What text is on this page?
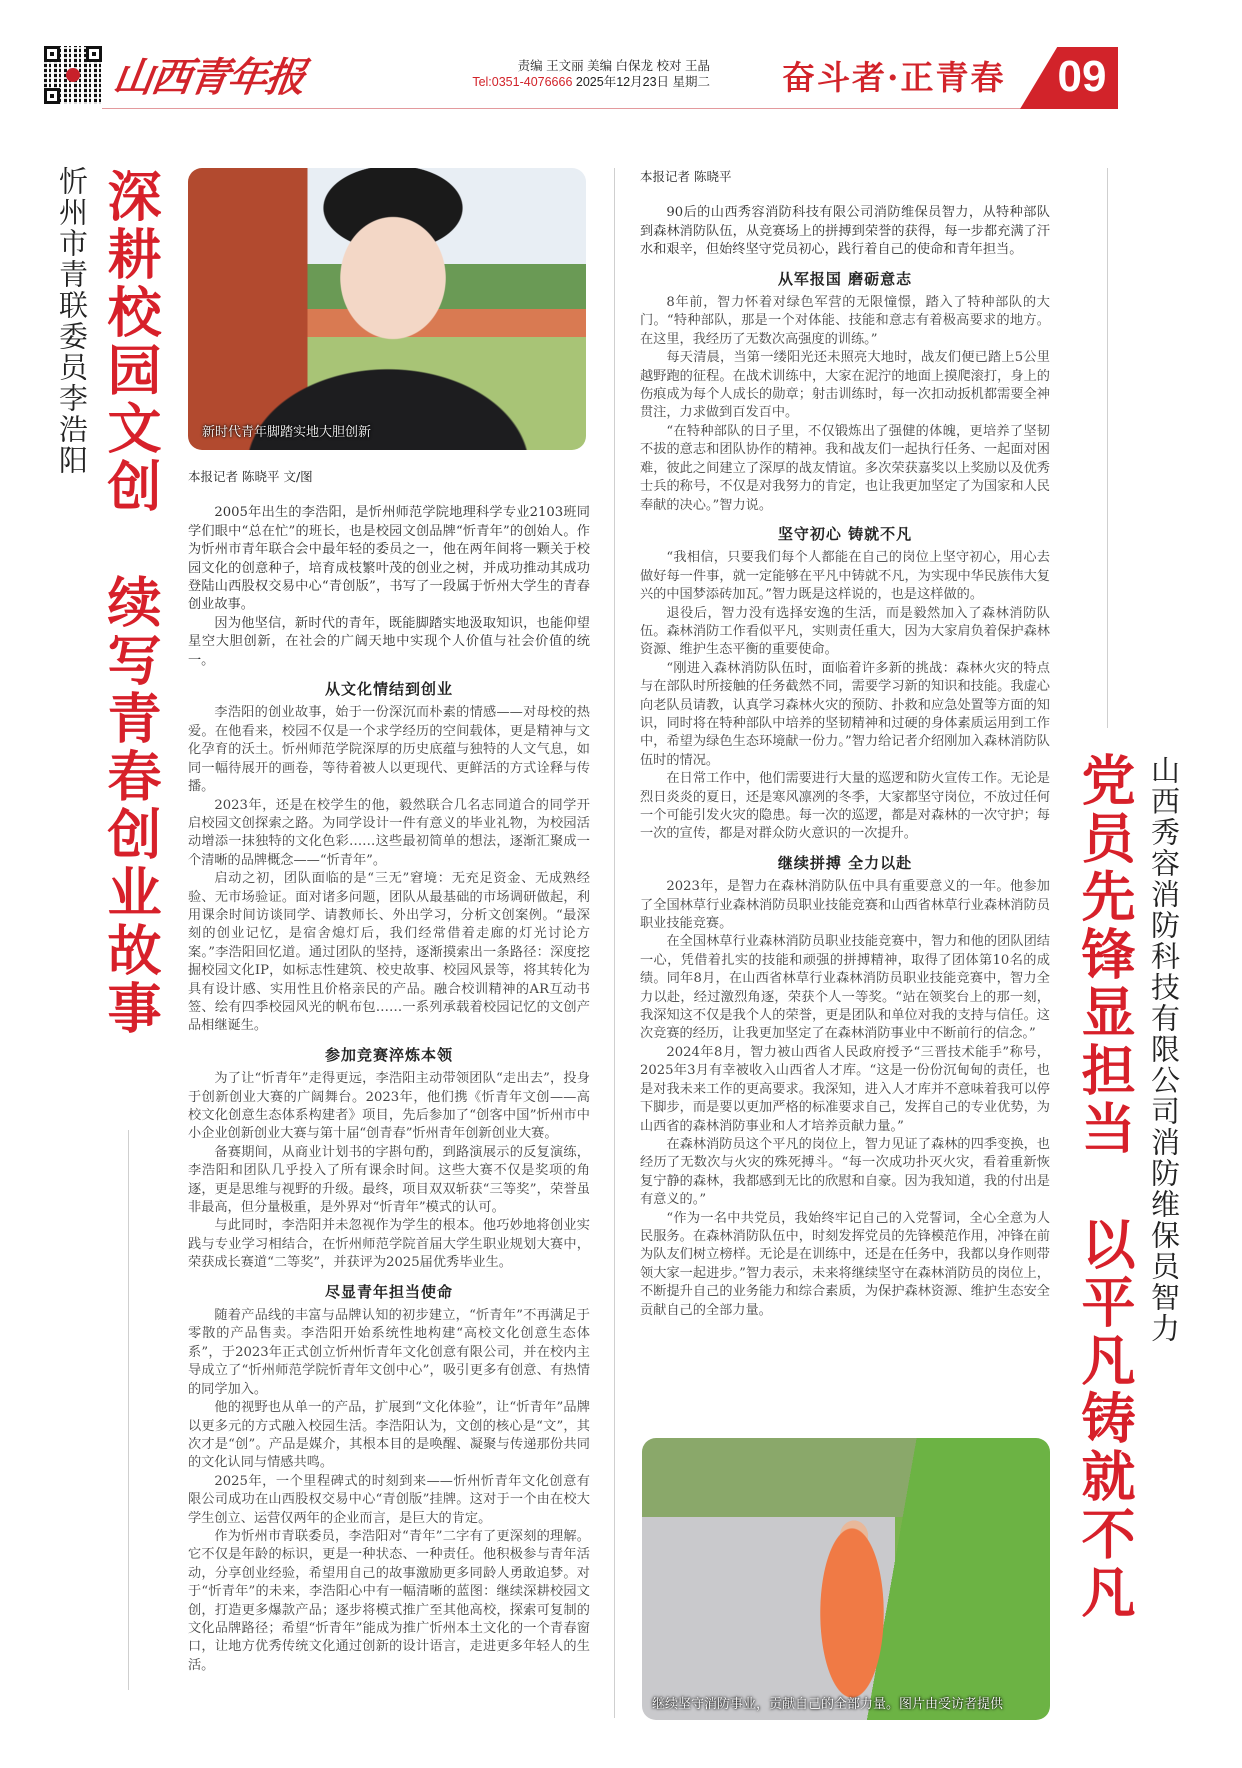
山西青年报	责编 王文丽 美编 白保龙 校对 王晶
Tel:0351-4076666 2025年12月23日 星期二 奋斗者·正青春 09
忻州市青联委员李浩阳 深耕校园文创　续写青春创业故事	新时代青年脚踏实地大胆创新
本报记者 陈晓平 文/图

2005年出生的李浩阳，是忻州师范学院地理科学专业2103班同学们眼中“总在忙”的班长，也是校园文创品牌“忻青年”的创始人。作为忻州市青年联合会中最年轻的委员之一，他在两年间将一颗关于校园文化的创意种子，培育成枝繁叶茂的创业之树，并成功推动其成功登陆山西股权交易中心“青创版”，书写了一段属于忻州大学生的青春创业故事。

因为他坚信，新时代的青年，既能脚踏实地汲取知识，也能仰望星空大胆创新，在社会的广阔天地中实现个人价值与社会价值的统一。

从文化情结到创业

李浩阳的创业故事，始于一份深沉而朴素的情感——对母校的热爱。在他看来，校园不仅是一个求学经历的空间载体，更是精神与文化孕育的沃土。忻州师范学院深厚的历史底蕴与独特的人文气息，如同一幅待展开的画卷，等待着被人以更现代、更鲜活的方式诠释与传播。

2023年，还是在校学生的他，毅然联合几名志同道合的同学开启校园文创探索之路。为同学设计一件有意义的毕业礼物，为校园活动增添一抹独特的文化色彩……这些最初简单的想法，逐渐汇聚成一个清晰的品牌概念——“忻青年”。

启动之初，团队面临的是“三无”窘境：无充足资金、无成熟经验、无市场验证。面对诸多问题，团队从最基础的市场调研做起，利用课余时间访谈同学、请教师长、外出学习，分析文创案例。“最深刻的创业记忆，是宿舍熄灯后，我们经常借着走廊的灯光讨论方案。”李浩阳回忆道。通过团队的坚持，逐渐摸索出一条路径：深度挖掘校园文化IP，如标志性建筑、校史故事、校园风景等，将其转化为具有设计感、实用性且价格亲民的产品。融合校训精神的AR互动书签、绘有四季校园风光的帆布包……一系列承载着校园记忆的文创产品相继诞生。

参加竞赛淬炼本领

为了让“忻青年”走得更远，李浩阳主动带领团队“走出去”，投身于创新创业大赛的广阔舞台。2023年，他们携《忻青年文创——高校文化创意生态体系构建者》项目，先后参加了“创客中国”忻州市中小企业创新创业大赛与第十届“创青春”忻州青年创新创业大赛。

备赛期间，从商业计划书的字斟句酌，到路演展示的反复演练，李浩阳和团队几乎投入了所有课余时间。这些大赛不仅是奖项的角逐，更是思维与视野的升级。最终，项目双双斩获“三等奖”，荣誉虽非最高，但分量极重，是外界对“忻青年”模式的认可。

与此同时，李浩阳并未忽视作为学生的根本。他巧妙地将创业实践与专业学习相结合，在忻州师范学院首届大学生职业规划大赛中，荣获成长赛道“二等奖”，并获评为2025届优秀毕业生。

尽显青年担当使命

随着产品线的丰富与品牌认知的初步建立，“忻青年”不再满足于零散的产品售卖。李浩阳开始系统性地构建“高校文化创意生态体系”，于2023年正式创立忻州忻青年文化创意有限公司，并在校内主导成立了“忻州师范学院忻青年文创中心”，吸引更多有创意、有热情的同学加入。

他的视野也从单一的产品，扩展到“文化体验”，让“忻青年”品牌以更多元的方式融入校园生活。李浩阳认为，文创的核心是“文”，其次才是“创”。产品是媒介，其根本目的是唤醒、凝聚与传递那份共同的文化认同与情感共鸣。

2025年，一个里程碑式的时刻到来——忻州忻青年文化创意有限公司成功在山西股权交易中心“青创版”挂牌。这对于一个由在校大学生创立、运营仅两年的企业而言，是巨大的肯定。

作为忻州市青联委员，李浩阳对“青年”二字有了更深刻的理解。它不仅是年龄的标识，更是一种状态、一种责任。他积极参与青年活动，分享创业经验，希望用自己的故事激励更多同龄人勇敢追梦。对于“忻青年”的未来，李浩阳心中有一幅清晰的蓝图：继续深耕校园文创，打造更多爆款产品；逐步将模式推广至其他高校，探索可复制的文化品牌路径；希望“忻青年”能成为推广忻州本土文化的一个青春窗口，让地方优秀传统文化通过创新的设计语言，走进更多年轻人的生活。

本报记者 陈晓平

90后的山西秀容消防科技有限公司消防维保员智力，从特种部队到森林消防队伍，从竞赛场上的拼搏到荣誉的获得，每一步都充满了汗水和艰辛，但始终坚守党员初心，践行着自己的使命和青年担当。

从军报国 磨砺意志

8年前，智力怀着对绿色军营的无限憧憬，踏入了特种部队的大门。“特种部队，那是一个对体能、技能和意志有着极高要求的地方。在这里，我经历了无数次高强度的训练。”

每天清晨，当第一缕阳光还未照亮大地时，战友们便已踏上5公里越野跑的征程。在战术训练中，大家在泥泞的地面上摸爬滚打，身上的伤痕成为每个人成长的勋章；射击训练时，每一次扣动扳机都需要全神贯注，力求做到百发百中。

“在特种部队的日子里，不仅锻炼出了强健的体魄，更培养了坚韧不拔的意志和团队协作的精神。我和战友们一起执行任务、一起面对困难，彼此之间建立了深厚的战友情谊。多次荣获嘉奖以上奖励以及优秀士兵的称号，不仅是对我努力的肯定，也让我更加坚定了为国家和人民奉献的决心。”智力说。

坚守初心 铸就不凡

“我相信，只要我们每个人都能在自己的岗位上坚守初心，用心去做好每一件事，就一定能够在平凡中铸就不凡，为实现中华民族伟大复兴的中国梦添砖加瓦。”智力既是这样说的，也是这样做的。

退役后，智力没有选择安逸的生活，而是毅然加入了森林消防队伍。森林消防工作看似平凡，实则责任重大，因为大家肩负着保护森林资源、维护生态平衡的重要使命。

“刚进入森林消防队伍时，面临着许多新的挑战：森林火灾的特点与在部队时所接触的任务截然不同，需要学习新的知识和技能。我虚心向老队员请教，认真学习森林火灾的预防、扑救和应急处置等方面的知识，同时将在特种部队中培养的坚韧精神和过硬的身体素质运用到工作中，希望为绿色生态环境献一份力。”智力给记者介绍刚加入森林消防队伍时的情况。

在日常工作中，他们需要进行大量的巡逻和防火宣传工作。无论是烈日炎炎的夏日，还是寒风凛冽的冬季，大家都坚守岗位，不放过任何一个可能引发火灾的隐患。每一次的巡逻，都是对森林的一次守护；每一次的宣传，都是对群众防火意识的一次提升。

继续拼搏 全力以赴

2023年，是智力在森林消防队伍中具有重要意义的一年。他参加了全国林草行业森林消防员职业技能竞赛和山西省林草行业森林消防员职业技能竞赛。

在全国林草行业森林消防员职业技能竞赛中，智力和他的团队团结一心，凭借着扎实的技能和顽强的拼搏精神，取得了团体第10名的成绩。同年8月，在山西省林草行业森林消防员职业技能竞赛中，智力全力以赴，经过激烈角逐，荣获个人一等奖。“站在领奖台上的那一刻，我深知这不仅是我个人的荣誉，更是团队和单位对我的支持与信任。这次竞赛的经历，让我更加坚定了在森林消防事业中不断前行的信念。”

2024年8月，智力被山西省人民政府授予“三晋技术能手”称号，2025年3月有幸被收入山西省人才库。“这是一份份沉甸甸的责任，也是对我未来工作的更高要求。我深知，进入人才库并不意味着我可以停下脚步，而是要以更加严格的标准要求自己，发挥自己的专业优势，为山西省的森林消防事业和人才培养贡献力量。”

在森林消防员这个平凡的岗位上，智力见证了森林的四季变换，也经历了无数次与火灾的殊死搏斗。“每一次成功扑灭火灾，看着重新恢复宁静的森林，我都感到无比的欣慰和自豪。因为我知道，我的付出是有意义的。”

“作为一名中共党员，我始终牢记自己的入党誓词，全心全意为人民服务。在森林消防队伍中，时刻发挥党员的先锋模范作用，冲锋在前为队友们树立榜样。无论是在训练中，还是在任务中，我都以身作则带领大家一起进步。”智力表示，未来将继续坚守在森林消防员的岗位上，不断提升自己的业务能力和综合素质，为保护森林资源、维护生态安全贡献自己的全部力量。

继续坚守消防事业，贡献自己的全部力量。图片由受访者提供
党员先锋显担当　以平凡铸就不凡 山西秀容消防科技有限公司消防维保员智力
